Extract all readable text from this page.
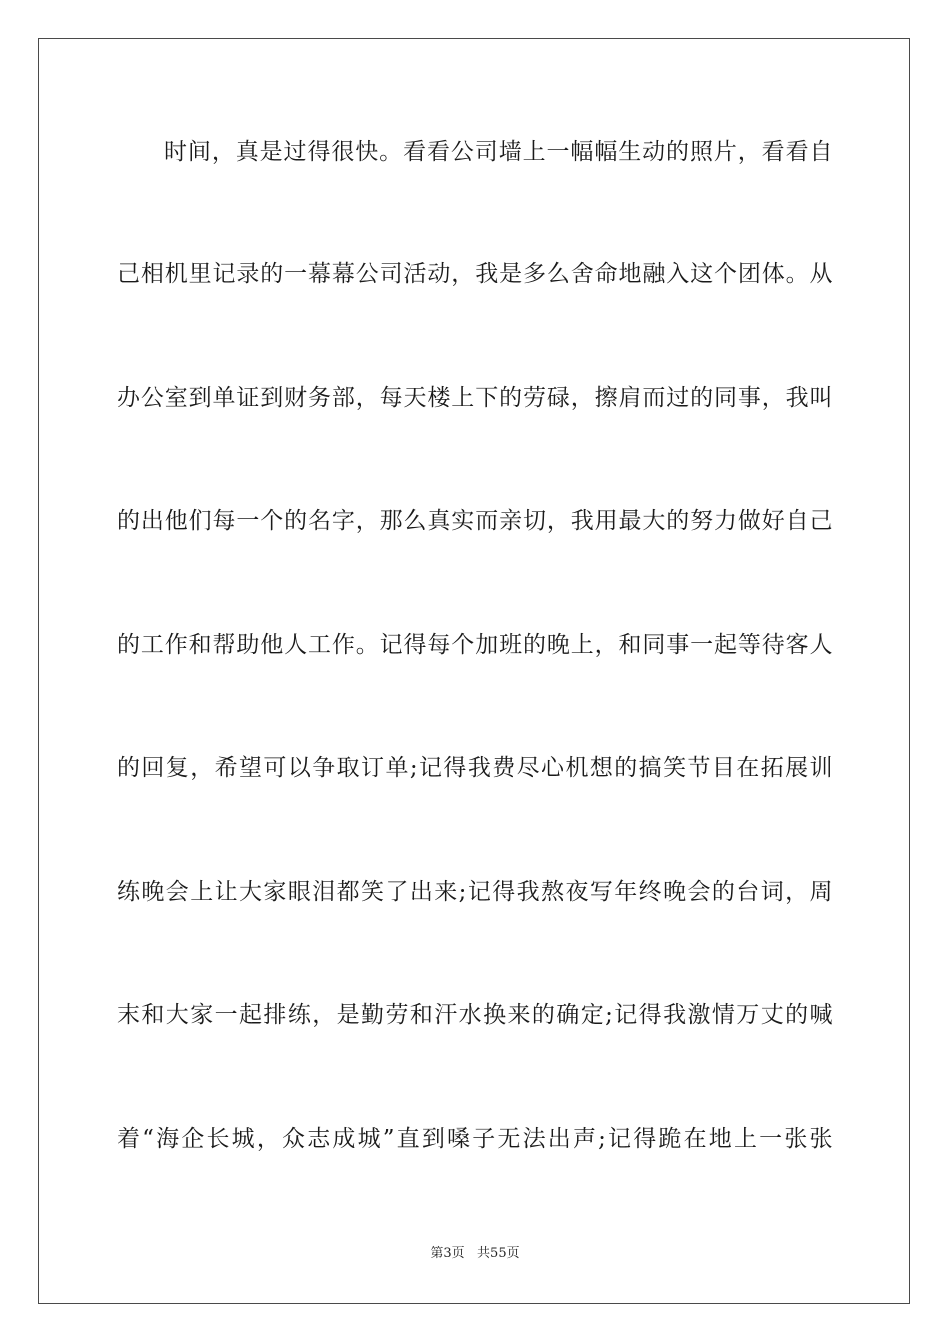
时间，真是过得很快。看看公司墙上一幅幅生动的照片，看看自
己相机里记录的一幕幕公司活动，我是多么舍命地融入这个团体。从
办公室到单证到财务部，每天楼上下的劳碌，擦肩而过的同事，我叫
的出他们每一个的名字，那么真实而亲切，我用最大的努力做好自己
的工作和帮助他人工作。记得每个加班的晚上，和同事一起等待客人
的回复，希望可以争取订单;记得我费尽心机想的搞笑节目在拓展训
练晚会上让大家眼泪都笑了出来;记得我熬夜写年终晚会的台词，周
末和大家一起排练，是勤劳和汗水换来的确定;记得我激情万丈的喊
着“海企长城，众志成城”直到嗓子无法出声;记得跪在地上一张张
第3页   共55页
